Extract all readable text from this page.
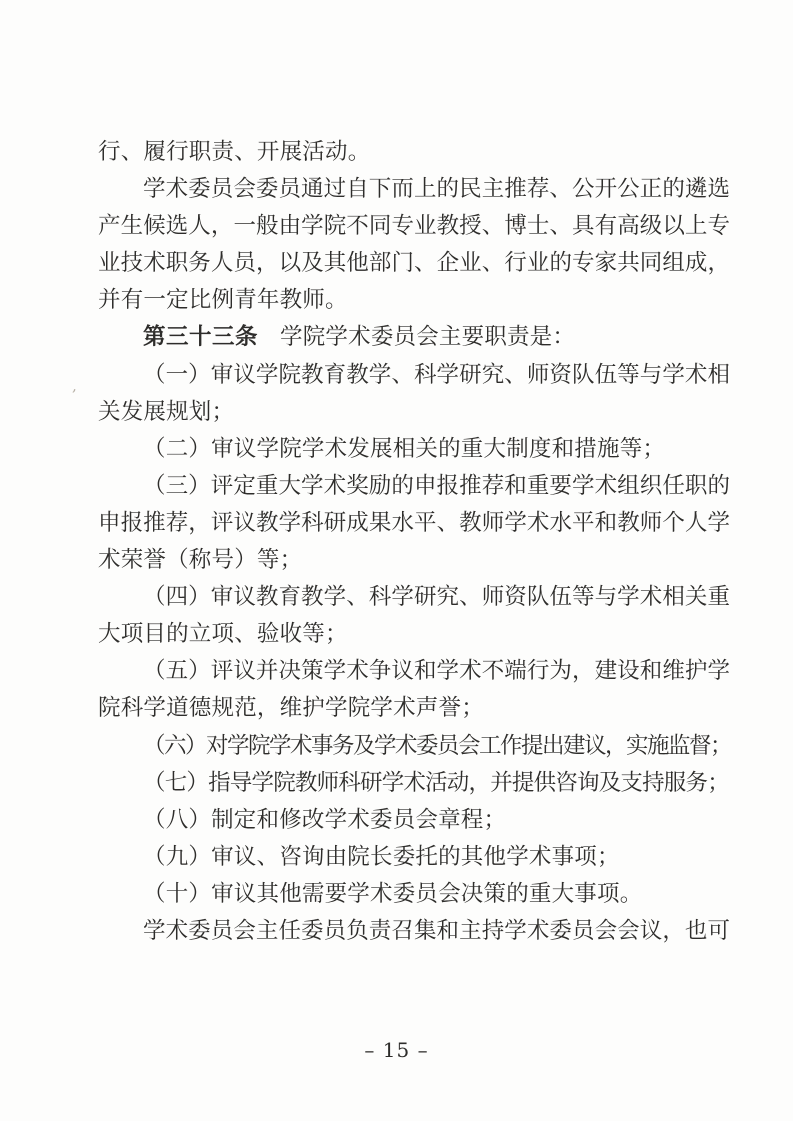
’
行、履行职责、开展活动。
学术委员会委员通过自下而上的民主推荐、公开公正的遴选
产生候选人，一般由学院不同专业教授、博士、具有高级以上专
业技术职务人员，以及其他部门、企业、行业的专家共同组成，
并有一定比例青年教师。
第三十三条 学院学术委员会主要职责是：
（一）审议学院教育教学、科学研究、师资队伍等与学术相
关发展规划；
（二）审议学院学术发展相关的重大制度和措施等；
（三）评定重大学术奖励的申报推荐和重要学术组织任职的
申报推荐，评议教学科研成果水平、教师学术水平和教师个人学
术荣誉（称号）等；
（四）审议教育教学、科学研究、师资队伍等与学术相关重
大项目的立项、验收等；
（五）评议并决策学术争议和学术不端行为，建设和维护学
院科学道德规范，维护学院学术声誉；
（六）对学院学术事务及学术委员会工作提出建议，实施监督；
（七）指导学院教师科研学术活动，并提供咨询及支持服务；
（八）制定和修改学术委员会章程；
（九）审议、咨询由院长委托的其他学术事项；
（十）审议其他需要学术委员会决策的重大事项。
学术委员会主任委员负责召集和主持学术委员会会议，也可
– 15 –
